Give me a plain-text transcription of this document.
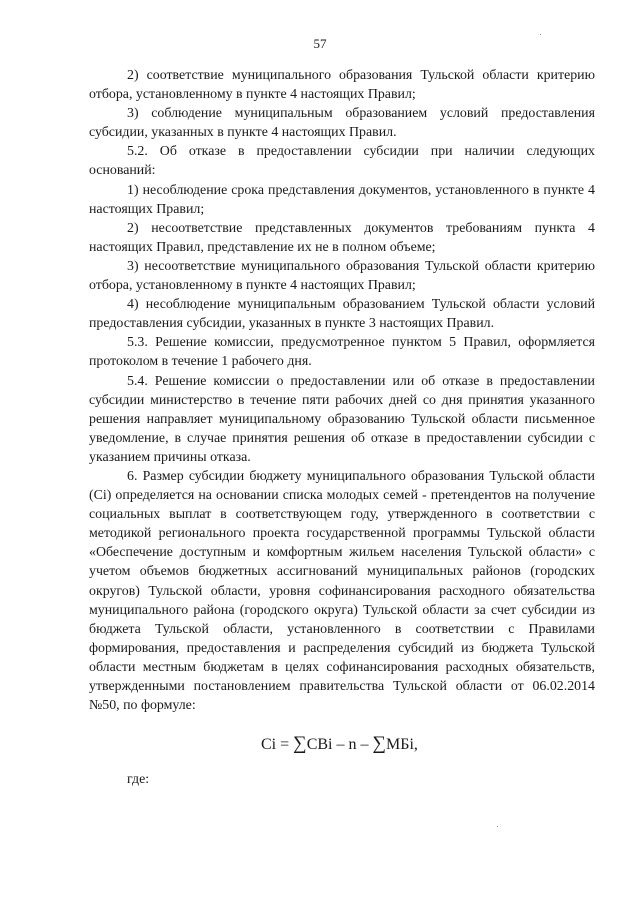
57

2) соответствие муниципального образования Тульской области критерию отбора, установленному в пункте 4 настоящих Правил;

3) соблюдение муниципальным образованием условий предоставления субсидии, указанных в пункте 4 настоящих Правил.

5.2. Об отказе в предоставлении субсидии при наличии следующих оснований:

1) несоблюдение срока представления документов, установленного в пункте 4 настоящих Правил;

2) несоответствие представленных документов требованиям пункта 4 настоящих Правил, представление их не в полном объеме;

3) несоответствие муниципального образования Тульской области критерию отбора, установленному в пункте 4 настоящих Правил;

4) несоблюдение муниципальным образованием Тульской области условий предоставления субсидии, указанных в пункте 3 настоящих Правил.

5.3. Решение комиссии, предусмотренное пунктом 5 Правил, оформляется протоколом в течение 1 рабочего дня.

5.4. Решение комиссии о предоставлении или об отказе в предоставлении субсидии министерство в течение пяти рабочих дней со дня принятия указанного решения направляет муниципальному образованию Тульской области письменное уведомление, в случае принятия решения об отказе в предоставлении субсидии с указанием причины отказа.

6. Размер субсидии бюджету муниципального образования Тульской области (Ci) определяется на основании списка молодых семей - претендентов на получение социальных выплат в соответствующем году, утвержденного в соответствии с методикой регионального проекта государственной программы Тульской области «Обеспечение доступным и комфортным жильем населения Тульской области» с учетом объемов бюджетных ассигнований муниципальных районов (городских округов) Тульской области, уровня софинансирования расходного обязательства муниципального района (городского округа) Тульской области за счет субсидии из бюджета Тульской области, установленного в соответствии с Правилами формирования, предоставления и распределения субсидий из бюджета Тульской области местным бюджетам в целях софинансирования расходных обязательств, утвержденными постановлением правительства Тульской области от 06.02.2014 №50, по формуле:

Ci = ∑CBi – n – ∑MБi,

где:
